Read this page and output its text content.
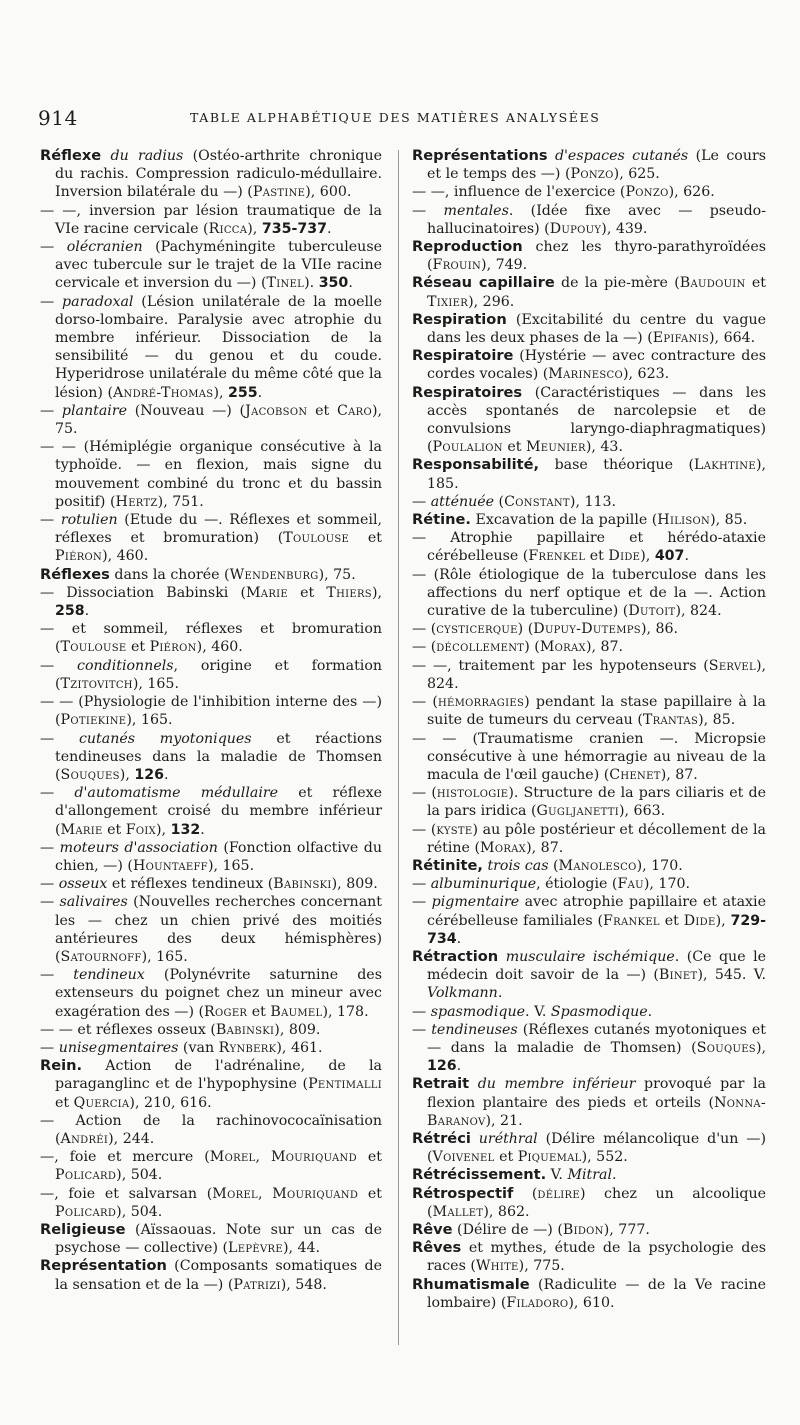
914	TABLE ALPHABÉTIQUE DES MATIÈRES ANALYSÉES

Réflexe du radius (Ostéo-arthrite chronique du rachis. Compression radiculo-médullaire. Inversion bilatérale du —) (Pastine), 600.

— —, inversion par lésion traumatique de la VIe racine cervicale (Ricca), 735-737.

— olécranien (Pachyméningite tuberculeuse avec tubercule sur le trajet de la VIIe racine cervicale et inversion du —) (Tinel). 350.

— paradoxal (Lésion unilatérale de la moelle dorso-lombaire. Paralysie avec atrophie du membre inférieur. Dissociation de la sensibilité — du genou et du coude. Hyperidrose unilatérale du même côté que la lésion) (André-Thomas), 255.

— plantaire (Nouveau —) (Jacobson et Caro), 75.

— — (Hémiplégie organique consécutive à la typhoïde. — en flexion, mais signe du mouvement combiné du tronc et du bassin positif) (Hertz), 751.

— rotulien (Etude du —. Réflexes et sommeil, réflexes et bromuration) (Toulouse et Piéron), 460.

Réflexes dans la chorée (Wendenburg), 75.

— Dissociation Babinski (Marie et Thiers), 258.

— et sommeil, réflexes et bromuration (Toulouse et Piéron), 460.

— conditionnels, origine et formation (Tzitovitch), 165.

— — (Physiologie de l'inhibition interne des —) (Potiekine), 165.

— cutanés myotoniques et réactions tendineuses dans la maladie de Thomsen (Souques), 126.

— d'automatisme médullaire et réflexe d'allongement croisé du membre inférieur (Marie et Foix), 132.

— moteurs d'association (Fonction olfactive du chien, —) (Hountaeff), 165.

— osseux et réflexes tendineux (Babinski), 809.

— salivaires (Nouvelles recherches concernant les — chez un chien privé des moitiés antérieures des deux hémisphères) (Satournoff), 165.

— tendineux (Polynévrite saturnine des extenseurs du poignet chez un mineur avec exagération des —) (Roger et Baumel), 178.

— — et réflexes osseux (Babinski), 809.

— unisegmentaires (van Rynberk), 461.

Rein. Action de l'adrénaline, de la paraganglinc et de l'hypophysine (Pentimalli et Quercia), 210, 616.

— Action de la rachinovococaïnisation (Andréi), 244.

—, foie et mercure (Morel, Mouriquand et Policard), 504.

—, foie et salvarsan (Morel, Mouriquand et Policard), 504.

Religieuse (Aïssaouas. Note sur un cas de psychose — collective) (Lepèvre), 44.

Représentation (Composants somatiques de la sensation et de la —) (Patrizi), 548.

Représentations d'espaces cutanés (Le cours et le temps des —) (Ponzo), 625.

— —, influence de l'exercice (Ponzo), 626.

— mentales. (Idée fixe avec — pseudo-hallucinatoires) (Dupouy), 439.

Reproduction chez les thyro-parathyroïdées (Frouin), 749.

Réseau capillaire de la pie-mère (Baudouin et Tixier), 296.

Respiration (Excitabilité du centre du vague dans les deux phases de la —) (Epifanis), 664.

Respiratoire (Hystérie — avec contracture des cordes vocales) (Marinesco), 623.

Respiratoires (Caractéristiques — dans les accès spontanés de narcolepsie et de convulsions laryngo-diaphragmatiques) (Poulalion et Meunier), 43.

Responsabilité, base théorique (Lakhtine), 185.

— atténuée (Constant), 113.

Rétine. Excavation de la papille (Hilison), 85.

— Atrophie papillaire et hérédo-ataxie cérébelleuse (Frenkel et Dide), 407.

— (Rôle étiologique de la tuberculose dans les affections du nerf optique et de la —. Action curative de la tuberculine) (Dutoit), 824.

— (cysticerque) (Dupuy-Dutemps), 86.

— (décollement) (Morax), 87.

— —, traitement par les hypotenseurs (Servel), 824.

— (hémorragies) pendant la stase papillaire à la suite de tumeurs du cerveau (Trantas), 85.

— — (Traumatisme cranien —. Micropsie consécutive à une hémorragie au niveau de la macula de l'œil gauche) (Chenet), 87.

— (histologie). Structure de la pars ciliaris et de la pars iridica (Gugljanetti), 663.

— (kyste) au pôle postérieur et décollement de la rétine (Morax), 87.

Rétinite, trois cas (Manolesco), 170.

— albuminurique, étiologie (Fau), 170.

— pigmentaire avec atrophie papillaire et ataxie cérébelleuse familiales (Frankel et Dide), 729-734.

Rétraction musculaire ischémique. (Ce que le médecin doit savoir de la —) (Binet), 545. V. Volkmann.

— spasmodique. V. Spasmodique.

— tendineuses (Réflexes cutanés myotoniques et — dans la maladie de Thomsen) (Souques), 126.

Retrait du membre inférieur provoqué par la flexion plantaire des pieds et orteils (Nonna-Baranov), 21.

Rétréci uréthral (Délire mélancolique d'un —) (Voivenel et Piquemal), 552.

Rétrécissement. V. Mitral.

Rétrospectif (délire) chez un alcoolique (Mallet), 862.

Rêve (Délire de —) (Bidon), 777.

Rêves et mythes, étude de la psychologie des races (White), 775.

Rhumatismale (Radiculite — de la Ve racine lombaire) (Filadoro), 610.
